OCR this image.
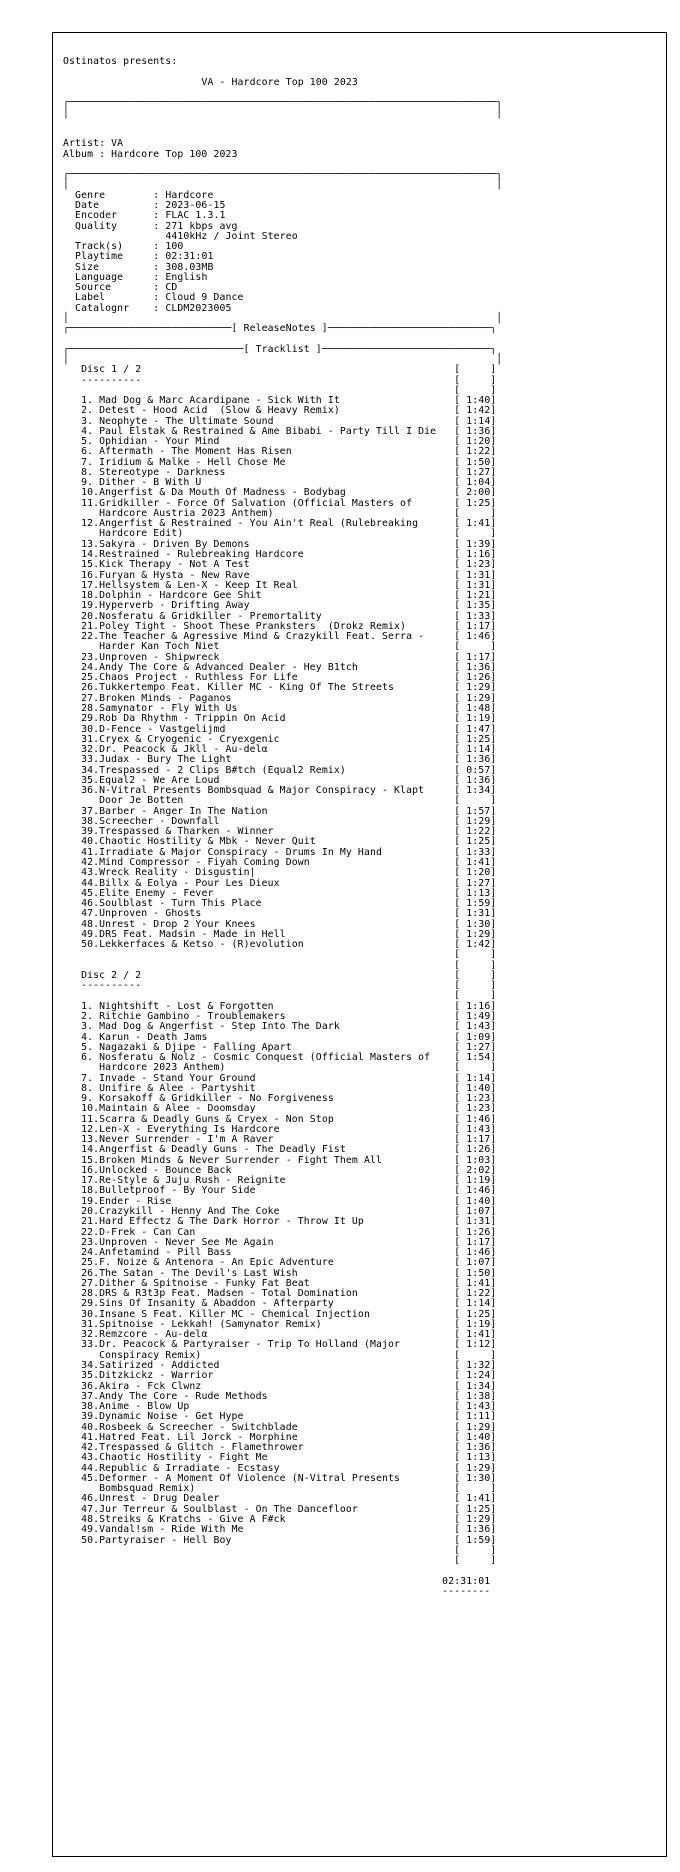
Ostinatos presents:

VA - Hardcore Top 100 2023

┌───────────────────────────────────────────────────────────────────────┐
│                                                                       │

Artist: VA
Album : Hardcore Top 100 2023

┌───────────────────────────────────────────────────────────────────────┐
│                                                                       │
Genre        : Hardcore
Date         : 2023-06-15
Encoder      : FLAC 1.3.1
Quality      : 271 kbps avg
4410kHz / Joint Stereo
Track(s)     : 100
Playtime     : 02:31:01
Size         : 308.03MB
Language     : English
Source       : CD
Label        : Cloud 9 Dance
Catalognr    : CLDM2023005
│                                                                       │
┌───────────────────────────[ ReleaseNotes ]───────────────────────────┐

┌─────────────────────────────[ Tracklist ]────────────────────────────┐
│                                                                       │
Disc 1 / 2                                                    [     ]
----------                                                    [     ]
[     ]
1. Mad Dog & Marc Acardipane - Sick With It	[ 1:40]
2. Detest - Hood Acid  (Slow & Heavy Remix)	[ 1:42]
3. Neophyte - The Ultimate Sound	[ 1:14]
4. Paul Elstak & Restrained & Ame Bibabi - Party Till I Die [ 1:36]
5. Ophidian - Your Mind	[ 1:20]
6. Aftermath - The Moment Has Risen	[ 1:22]
7. Iridium & Malke - Hell Chose Me	[ 1:50]
8. Stereotype - Darkness	[ 1:27]
9. Dither - B With U	[ 1:04]
10.Angerfist & Da Mouth Of Madness - Bodybag	[ 2:00]
11.Gridkiller - Force Of Salvation (Official Masters of	[ 1:25]
Hardcore Austria 2023 Anthem)                              [     ]
12.Angerfist & Restrained - You Ain't Real (Rulebreaking	[ 1:41]
Hardcore Edit)                                             [     ]
13.Sakyra - Driven By Demons	[ 1:39]
14.Restrained - Rulebreaking Hardcore	[ 1:16]
15.Kick Therapy - Not A Test	[ 1:23]
16.Furyan & Hysta - New Rave	[ 1:31]
17.Hellsystem & Len-X - Keep It Real	[ 1:31]
18.Dolphin - Hardcore Gee Shit	[ 1:21]
19.Hyperverb - Drifting Away	[ 1:35]
20.Nosferatu & Gridkiller - Premortality	[ 1:33]
21.Poley Tight - Shoot These Pranksters  (Drokz Remix)	[ 1:17]
22.The Teacher & Agressive Mind & Crazykill Feat. Serra -	[ 1:46]
Harder Kan Toch Niet                                       [     ]
23.Unproven - Shipwreck	[ 1:17]
24.Andy The Core & Advanced Dealer - Hey B1tch	[ 1:36]
25.Chaos Project - Ruthless For Life	[ 1:26]
26.Tukkertempo Feat. Killer MC - King Of The Streets	[ 1:29]
27.Broken Minds - Paganos	[ 1:29]
28.Samynator - Fly With Us	[ 1:48]
29.Rob Da Rhythm - Trippin On Acid	[ 1:19]
30.D-Fence - Vastgelijmd	[ 1:47]
31.Cryex & Cryogenic - Cryexgenic	[ 1:25]
32.Dr. Peacock & Jkll - Au-delα	[ 1:14]
33.Judax - Bury The Light	[ 1:36]
34.Trespassed - 2 Clips B#tch (Equal2 Remix)	[ 0:57]
35.Equal2 - We Are Loud	[ 1:36]
36.N-Vitral Presents Bombsquad & Major Conspiracy - Klapt	[ 1:34]
Door Je Botten                                             [     ]
37.Barber - Anger In The Nation	[ 1:57]
38.Screecher - Downfall	[ 1:29]
39.Trespassed & Tharken - Winner	[ 1:22]
40.Chaotic Hostility & Mbk - Never Quit	[ 1:25]
41.Irradiate & Major Conspiracy - Drums In My Hand	[ 1:33]
42.Mind Compressor - Fiyah Coming Down	[ 1:41]
43.Wreck Reality - Disgustin|	[ 1:20]
44.Billx & Eolya - Pour Les Dieux	[ 1:27]
45.Elite Enemy - Fever	[ 1:13]
46.Soulblast - Turn This Place	[ 1:59]
47.Unproven - Ghosts	[ 1:31]
48.Unrest - Drop 2 Your Knees	[ 1:30]
49.DRS Feat. Madsin - Made in Hell	[ 1:29]
50.Lekkerfaces & Ketso - (R)evolution	[ 1:42]
[     ]
[     ]
Disc 2 / 2                                                    [     ]
----------                                                    [     ]
[     ]
1. Nightshift - Lost & Forgotten	[ 1:16]
2. Ritchie Gambino - Troublemakers	[ 1:49]
3. Mad Dog & Angerfist - Step Into The Dark	[ 1:43]
4. Karun - Death Jams	[ 1:09]
5. Nagazaki & Djipe - Falling Apart	[ 1:27]
6. Nosferatu & Nolz - Cosmic Conquest (Official Masters of [ 1:54]
Hardcore 2023 Anthem)                                      [     ]
7. Invade - Stand Your Ground	[ 1:14]
8. Unifire & Alee - Partyshit	[ 1:40]
9. Korsakoff & Gridkiller - No Forgiveness	[ 1:23]
10.Maintain & Alee - Doomsday	[ 1:23]
11.Scarra & Deadly Guns & Cryex - Non Stop	[ 1:46]
12.Len-X - Everything Is Hardcore	[ 1:43]
13.Never Surrender - I'm A Raver	[ 1:17]
14.Angerfist & Deadly Guns - The Deadly Fist	[ 1:26]
15.Broken Minds & Never Surrender - Fight Them All	[ 1:03]
16.Unlocked - Bounce Back	[ 2:02]
17.Re-Style & Juju Rush - Reignite	[ 1:19]
18.Bulletproof - By Your Side	[ 1:46]
19.Ender - Rise	[ 1:40]
20.Crazykill - Henny And The Coke	[ 1:07]
21.Hard Effectz & The Dark Horror - Throw It Up	[ 1:31]
22.D-Frek - Can Can	[ 1:26]
23.Unproven - Never See Me Again	[ 1:17]
24.Anfetamind - Pill Bass	[ 1:46]
25.F. Noize & Antenora - An Epic Adventure	[ 1:07]
26.The Satan - The Devil's Last Wish	[ 1:50]
27.Dither & Spitnoise - Funky Fat Beat	[ 1:41]
28.DRS & R3t3p Feat. Madsen - Total Domination	[ 1:22]
29.Sins Of Insanity & Abaddon - Afterparty	[ 1:14]
30.Insane S Feat. Killer MC - Chemical Injection	[ 1:25]
31.Spitnoise - Lekkah! (Samynator Remix)	[ 1:19]
32.Remzcore - Au-delα	[ 1:41]
33.Dr. Peacock & Partyraiser - Trip To Holland (Major	[ 1:12]
Conspiracy Remix)                                          [     ]
34.Satirized - Addicted	[ 1:32]
35.Ditzkickz - Warrior	[ 1:24]
36.Akira - Fck Clwnz	[ 1:34]
37.Andy The Core - Rude Methods	[ 1:38]
38.Anime - Blow Up	[ 1:43]
39.Dynamic Noise - Get Hype	[ 1:11]
40.Rosbeek & Screecher - Switchblade	[ 1:29]
41.Hatred Feat. Lil Jorck - Morphine	[ 1:40]
42.Trespassed & Glitch - Flamethrower	[ 1:36]
43.Chaotic Hostility - Fight Me	[ 1:13]
44.Republic & Irradiate - Ecstasy	[ 1:29]
45.Deformer - A Moment Of Violence (N-Vitral Presents	[ 1:30]
Bombsquad Remix)                                           [     ]
46.Unrest - Drug Dealer	[ 1:41]
47.Jur Terreur & Soulblast - On The Dancefloor	[ 1:25]
48.Streiks & Kratchs - Give A F#ck	[ 1:29]
49.Vandal!sm - Ride With Me	[ 1:36]
50.Partyraiser - Hell Boy	[ 1:59]
[     ]
[     ]

02:31:01
--------
